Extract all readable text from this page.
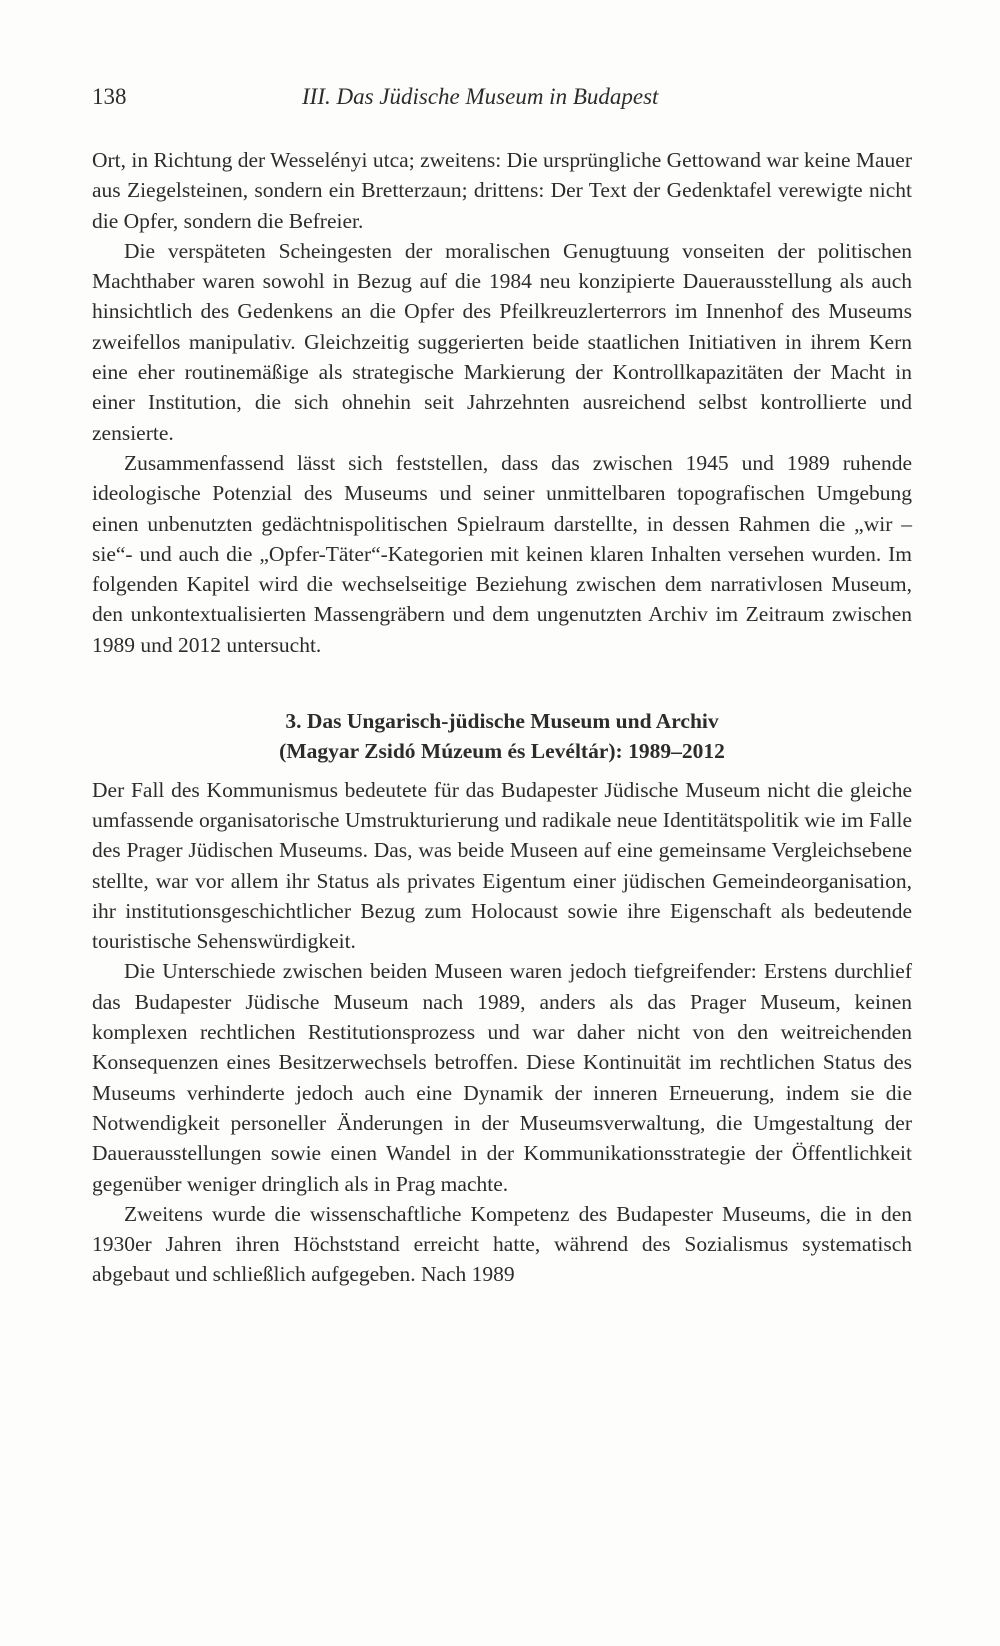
138	III. Das Jüdische Museum in Budapest

Ort, in Richtung der Wesselényi utca; zweitens: Die ursprüngliche Gettowand war keine Mauer aus Ziegelsteinen, sondern ein Bretterzaun; drittens: Der Text der Gedenktafel verewigte nicht die Opfer, sondern die Befreier.

Die verspäteten Scheingesten der moralischen Genugtuung vonseiten der politischen Machthaber waren sowohl in Bezug auf die 1984 neu konzipierte Dauerausstellung als auch hinsichtlich des Gedenkens an die Opfer des Pfeilkreuzlerterrors im Innenhof des Museums zweifellos manipulativ. Gleichzeitig suggerierten beide staatlichen Initiativen in ihrem Kern eine eher routinemäßige als strategische Markierung der Kontrollkapazitäten der Macht in einer Institution, die sich ohnehin seit Jahrzehnten ausreichend selbst kontrollierte und zensierte.

Zusammenfassend lässt sich feststellen, dass das zwischen 1945 und 1989 ruhende ideologische Potenzial des Museums und seiner unmittelbaren topografischen Umgebung einen unbenutzten gedächtnispolitischen Spielraum darstellte, in dessen Rahmen die „wir – sie“- und auch die „Opfer-Täter“-Kategorien mit keinen klaren Inhalten versehen wurden. Im folgenden Kapitel wird die wechselseitige Beziehung zwischen dem narrativlosen Museum, den unkontextualisierten Massengräbern und dem ungenutzten Archiv im Zeitraum zwischen 1989 und 2012 untersucht.

3. Das Ungarisch-jüdische Museum und Archiv
(Magyar Zsidó Múzeum és Levéltár): 1989–2012

Der Fall des Kommunismus bedeutete für das Budapester Jüdische Museum nicht die gleiche umfassende organisatorische Umstrukturierung und radikale neue Identitätspolitik wie im Falle des Prager Jüdischen Museums. Das, was beide Museen auf eine gemeinsame Vergleichsebene stellte, war vor allem ihr Status als privates Eigentum einer jüdischen Gemeindeorganisation, ihr institutionsgeschichtlicher Bezug zum Holocaust sowie ihre Eigenschaft als bedeutende touristische Sehenswürdigkeit.

Die Unterschiede zwischen beiden Museen waren jedoch tiefgreifender: Erstens durchlief das Budapester Jüdische Museum nach 1989, anders als das Prager Museum, keinen komplexen rechtlichen Restitutionsprozess und war daher nicht von den weitreichenden Konsequenzen eines Besitzerwechsels betroffen. Diese Kontinuität im rechtlichen Status des Museums verhinderte jedoch auch eine Dynamik der inneren Erneuerung, indem sie die Notwendigkeit personeller Änderungen in der Museumsverwaltung, die Umgestaltung der Dauerausstellungen sowie einen Wandel in der Kommunikationsstrategie der Öffentlichkeit gegenüber weniger dringlich als in Prag machte.

Zweitens wurde die wissenschaftliche Kompetenz des Budapester Museums, die in den 1930er Jahren ihren Höchststand erreicht hatte, während des Sozialismus systematisch abgebaut und schließlich aufgegeben. Nach 1989
